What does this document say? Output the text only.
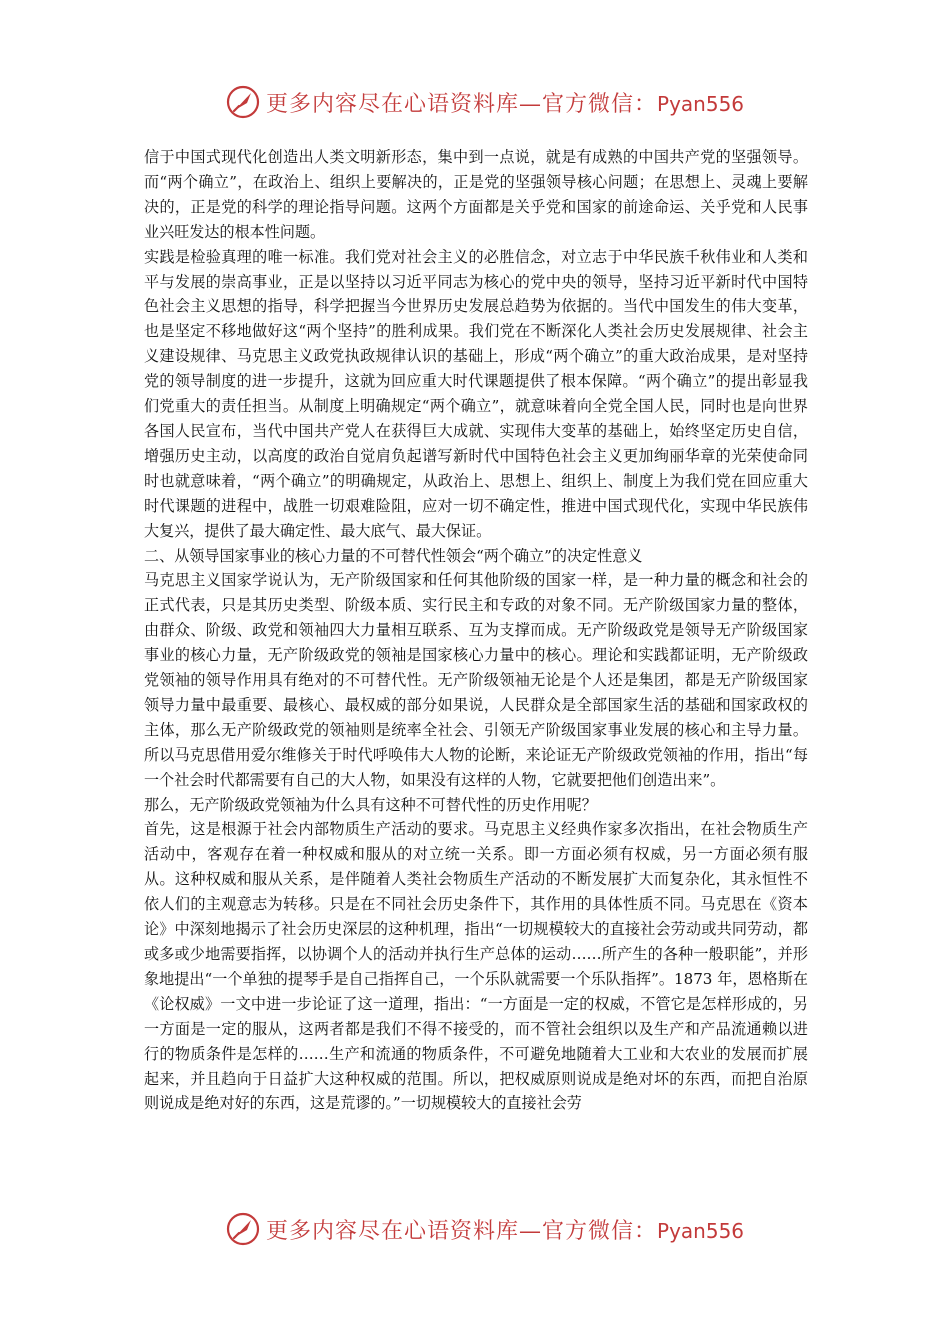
更多内容尽在心语资料库—官方微信：Pyan556

信于中国式现代化创造出人类文明新形态，集中到一点说，就是有成熟的中国共产党的坚强领导。而“两个确立”，在政治上、组织上要解决的，正是党的坚强领导核心问题；在思想上、灵魂上要解决的，正是党的科学的理论指导问题。这两个方面都是关乎党和国家的前途命运、关乎党和人民事业兴旺发达的根本性问题。

实践是检验真理的唯一标准。我们党对社会主义的必胜信念，对立志于中华民族千秋伟业和人类和平与发展的崇高事业，正是以坚持以习近平同志为核心的党中央的领导，坚持习近平新时代中国特色社会主义思想的指导，科学把握当今世界历史发展总趋势为依据的。当代中国发生的伟大变革，也是坚定不移地做好这“两个坚持”的胜利成果。我们党在不断深化人类社会历史发展规律、社会主义建设规律、马克思主义政党执政规律认识的基础上，形成“两个确立”的重大政治成果，是对坚持党的领导制度的进一步提升，这就为回应重大时代课题提供了根本保障。“两个确立”的提出彰显我们党重大的责任担当。从制度上明确规定“两个确立”，就意味着向全党全国人民，同时也是向世界各国人民宣布，当代中国共产党人在获得巨大成就、实现伟大变革的基础上，始终坚定历史自信，增强历史主动，以高度的政治自觉肩负起谱写新时代中国特色社会主义更加绚丽华章的光荣使命同时也就意味着，“两个确立”的明确规定，从政治上、思想上、组织上、制度上为我们党在回应重大时代课题的进程中，战胜一切艰难险阻，应对一切不确定性，推进中国式现代化，实现中华民族伟大复兴，提供了最大确定性、最大底气、最大保证。

二、从领导国家事业的核心力量的不可替代性领会“两个确立”的决定性意义

马克思主义国家学说认为，无产阶级国家和任何其他阶级的国家一样，是一种力量的概念和社会的正式代表，只是其历史类型、阶级本质、实行民主和专政的对象不同。无产阶级国家力量的整体，由群众、阶级、政党和领袖四大力量相互联系、互为支撑而成。无产阶级政党是领导无产阶级国家事业的核心力量，无产阶级政党的领袖是国家核心力量中的核心。理论和实践都证明，无产阶级政党领袖的领导作用具有绝对的不可替代性。无产阶级领袖无论是个人还是集团，都是无产阶级国家领导力量中最重要、最核心、最权威的部分如果说，人民群众是全部国家生活的基础和国家政权的主体，那么无产阶级政党的领袖则是统率全社会、引领无产阶级国家事业发展的核心和主导力量。所以马克思借用爱尔维修关于时代呼唤伟大人物的论断，来论证无产阶级政党领袖的作用，指出“每一个社会时代都需要有自己的大人物，如果没有这样的人物，它就要把他们创造出来”。

那么，无产阶级政党领袖为什么具有这种不可替代性的历史作用呢？

首先，这是根源于社会内部物质生产活动的要求。马克思主义经典作家多次指出，在社会物质生产活动中，客观存在着一种权威和服从的对立统一关系。即一方面必须有权威，另一方面必须有服从。这种权威和服从关系，是伴随着人类社会物质生产活动的不断发展扩大而复杂化，其永恒性不依人们的主观意志为转移。只是在不同社会历史条件下，其作用的具体性质不同。马克思在《资本论》中深刻地揭示了社会历史深层的这种机理，指出“一切规模较大的直接社会劳动或共同劳动，都或多或少地需要指挥，以协调个人的活动并执行生产总体的运动……所产生的各种一般职能”，并形象地提出“一个单独的提琴手是自己指挥自己，一个乐队就需要一个乐队指挥”。1873 年，恩格斯在《论权威》一文中进一步论证了这一道理，指出：“一方面是一定的权威，不管它是怎样形成的，另一方面是一定的服从，这两者都是我们不得不接受的，而不管社会组织以及生产和产品流通赖以进行的物质条件是怎样的……生产和流通的物质条件，不可避免地随着大工业和大农业的发展而扩展起来，并且趋向于日益扩大这种权威的范围。所以，把权威原则说成是绝对坏的东西，而把自治原则说成是绝对好的东西，这是荒谬的。”一切规模较大的直接社会劳

更多内容尽在心语资料库—官方微信：Pyan556
